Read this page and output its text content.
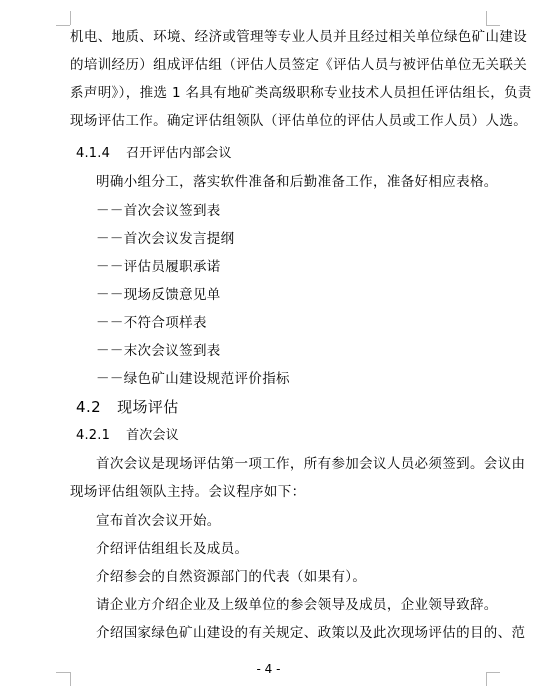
机电、地质、环境、经济或管理等专业人员并且经过相关单位绿色矿山建设
的培训经历）组成评估组（评估人员签定《评估人员与被评估单位无关联关
系声明》），推选 1 名具有地矿类高级职称专业技术人员担任评估组长，负责
现场评估工作。确定评估组领队（评估单位的评估人员或工作人员）人选。
4.1.4 召开评估内部会议
明确小组分工，落实软件准备和后勤准备工作，准备好相应表格。
－－首次会议签到表
－－首次会议发言提纲
－－评估员履职承诺
－－现场反馈意见单
－－不符合项样表
－－末次会议签到表
－－绿色矿山建设规范评价指标
4.2 现场评估
4.2.1 首次会议
首次会议是现场评估第一项工作，所有参加会议人员必须签到。会议由
现场评估组领队主持。会议程序如下：
宣布首次会议开始。
介绍评估组组长及成员。
介绍参会的自然资源部门的代表（如果有）。
请企业方介绍企业及上级单位的参会领导及成员，企业领导致辞。
介绍国家绿色矿山建设的有关规定、政策以及此次现场评估的目的、范
- 4 -
